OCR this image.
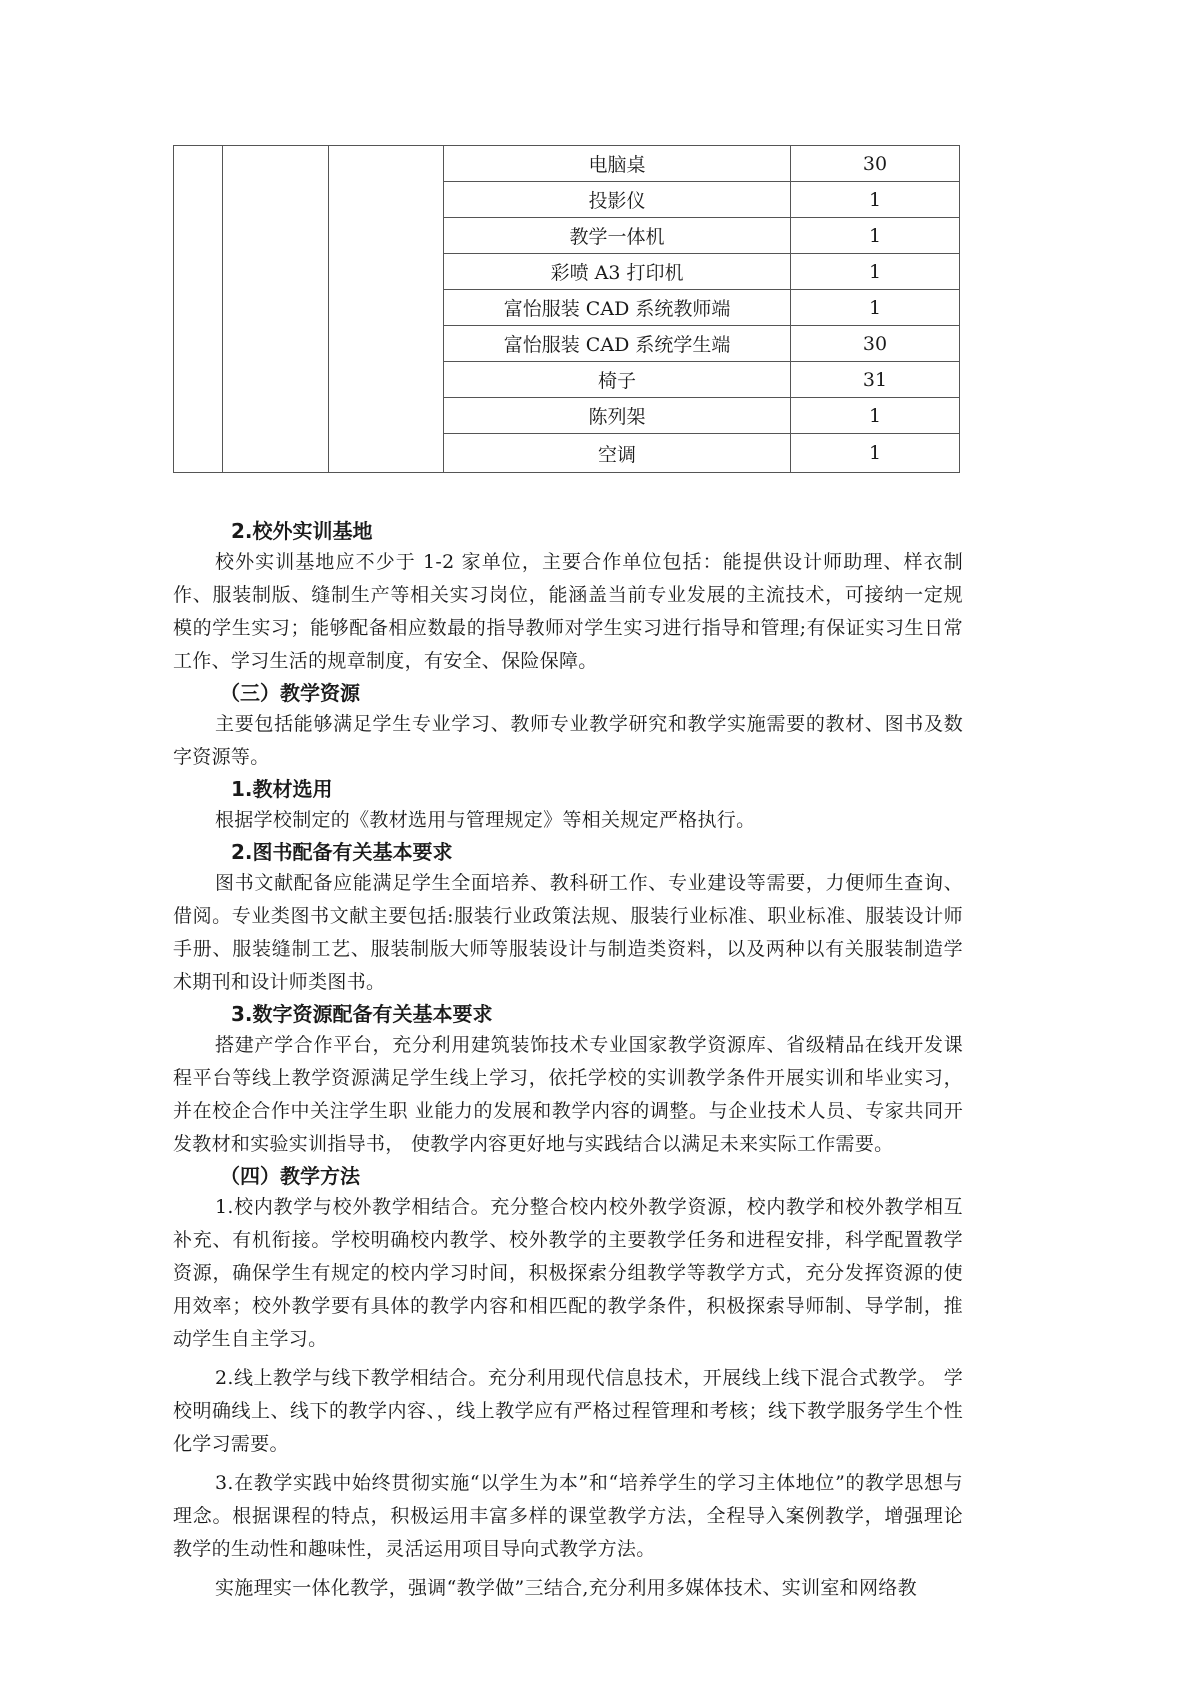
			电脑桌	30
			投影仪	1
			教学一体机	1
			彩喷 A3 打印机	1
			富怡服装 CAD 系统教师端	1
			富怡服装 CAD 系统学生端	30
			椅子	31
			陈列架	1
			空调	1
2.校外实训基地

校外实训基地应不少于 1-2 家单位，主要合作单位包括：能提供设计师助理、样衣制作、服装制版、缝制生产等相关实习岗位，能涵盖当前专业发展的主流技术，可接纳一定规模的学生实习；能够配备相应数最的指导教师对学生实习进行指导和管理;有保证实习生日常工作、学习生活的规章制度，有安全、保险保障。

（三）教学资源

主要包括能够满足学生专业学习、教师专业教学研究和教学实施需要的教材、图书及数字资源等。

1.教材选用

根据学校制定的《教材选用与管理规定》等相关规定严格执行。

2.图书配备有关基本要求

图书文献配备应能满足学生全面培养、教科研工作、专业建设等需要，力便师生查询、借阅。专业类图书文献主要包括:服装行业政策法规、服装行业标准、职业标准、服装设计师手册、服装缝制工艺、服装制版大师等服装设计与制造类资料，以及两种以有关服装制造学术期刊和设计师类图书。

3.数字资源配备有关基本要求

搭建产学合作平台，充分利用建筑装饰技术专业国家教学资源库、省级精品在线开发课程平台等线上教学资源满足学生线上学习，依托学校的实训教学条件开展实训和毕业实习，并在校企合作中关注学生职 业能力的发展和教学内容的调整。与企业技术人员、专家共同开发教材和实验实训指导书， 使教学内容更好地与实践结合以满足未来实际工作需要。

（四）教学方法

1.校内教学与校外教学相结合。充分整合校内校外教学资源，校内教学和校外教学相互补充、有机衔接。学校明确校内教学、校外教学的主要教学任务和进程安排，科学配置教学资源，确保学生有规定的校内学习时间，积极探索分组教学等教学方式，充分发挥资源的使用效率；校外教学要有具体的教学内容和相匹配的教学条件，积极探索导师制、导学制，推动学生自主学习。

2.线上教学与线下教学相结合。充分利用现代信息技术，开展线上线下混合式教学。 学校明确线上、线下的教学内容、，线上教学应有严格过程管理和考核；线下教学服务学生个性化学习需要。

3.在教学实践中始终贯彻实施“以学生为本”和“培养学生的学习主体地位”的教学思想与理念。根据课程的特点，积极运用丰富多样的课堂教学方法，全程导入案例教学，增强理论教学的生动性和趣味性，灵活运用项目导向式教学方法。

实施理实一体化教学，强调“教学做”三结合,充分利用多媒体技术、实训室和网络教
